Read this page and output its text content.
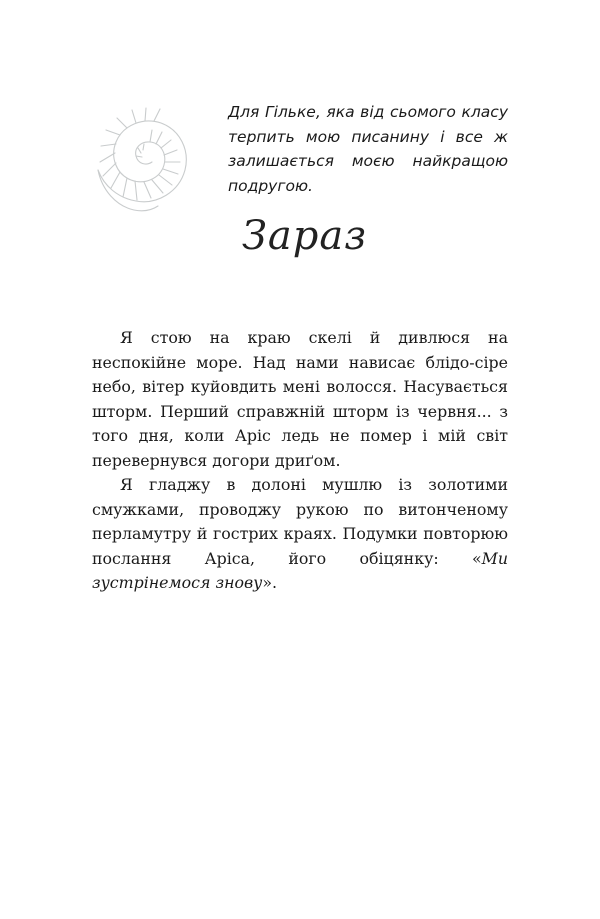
Для Гільке, яка від сьомого класу терпить мою писанину і все ж залишається моєю найкращою подругою.

Зараз

Я стою на краю скелі й дивлюся на неспокійне море. Над нами нависає блідо-сіре небо, вітер куйовдить мені волосся. Насувається шторм. Перший справжній шторм із червня... з того дня, коли Аріс ледь не помер і мій світ перевернувся догори дриґом.

Я гладжу в долоні мушлю із золотими смужками, проводжу рукою по витонченому перламутру й гострих краях. Подумки повторюю послання Аріса, його обіцянку: «Ми зустрінемося знову».
